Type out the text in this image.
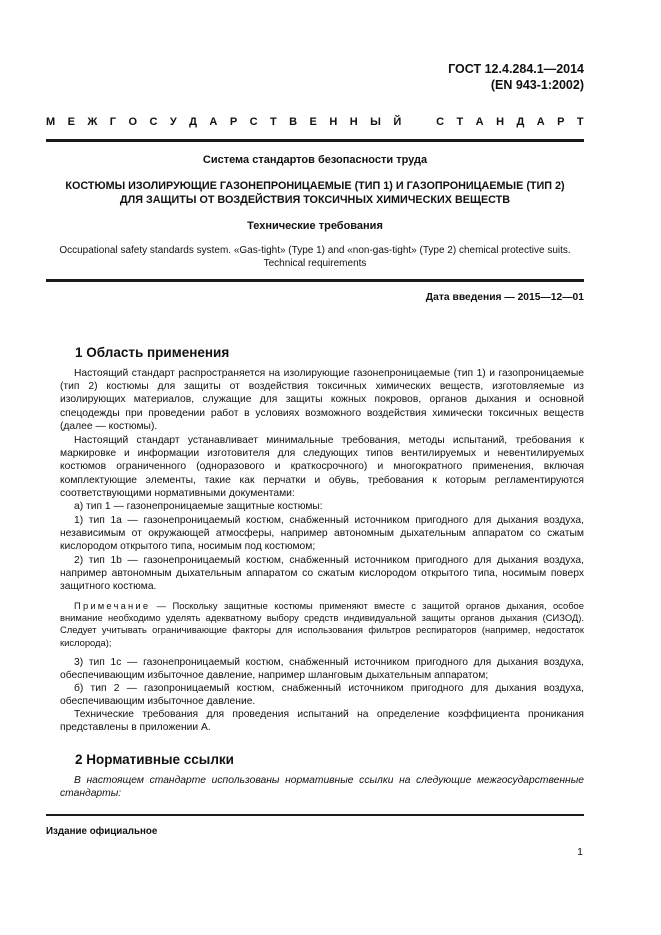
ГОСТ 12.4.284.1—2014
(EN 943-1:2002)
М Е Ж Г О С У Д А Р С Т В Е Н Н Ы Й	С Т А Н Д А Р Т
Система стандартов безопасности труда
КОСТЮМЫ ИЗОЛИРУЮЩИЕ ГАЗОНЕПРОНИЦАЕМЫЕ (ТИП 1) И ГАЗОПРОНИЦАЕМЫЕ (ТИП 2)
ДЛЯ ЗАЩИТЫ ОТ ВОЗДЕЙСТВИЯ ТОКСИЧНЫХ ХИМИЧЕСКИХ ВЕЩЕСТВ
Технические требования
Occupational safety standards system. «Gas-tight» (Type 1) and «non-gas-tight» (Type 2) chemical protective suits.
Technical requirements
Дата введения — 2015—12—01
1 Область применения
Настоящий стандарт распространяется на изолирующие газонепроницаемые (тип 1) и газопроницаемые (тип 2) костюмы для защиты от воздействия токсичных химических веществ, изготовляемые из изолирующих материалов, служащие для защиты кожных покровов, органов дыхания и основной спецодежды при проведении работ в условиях возможного воздействия химически токсичных веществ (далее — костюмы).
Настоящий стандарт устанавливает минимальные требования, методы испытаний, требования к маркировке и информации изготовителя для следующих типов вентилируемых и невентилируемых костюмов ограниченного (одноразового и краткосрочного) и многократного применения, включая комплектующие элементы, такие как перчатки и обувь, требования к которым регламентируются соответствующими нормативными документами:
а) тип 1 — газонепроницаемые защитные костюмы:
1) тип 1а — газонепроницаемый костюм, снабженный источником пригодного для дыхания воздуха, независимым от окружающей атмосферы, например автономным дыхательным аппаратом со сжатым кислородом открытого типа, носимым под костюмом;
2) тип 1b — газонепроницаемый костюм, снабженный источником пригодного для дыхания воздуха, например автономным дыхательным аппаратом со сжатым кислородом открытого типа, носимым поверх защитного костюма.
Примечание — Поскольку защитные костюмы применяют вместе с защитой органов дыхания, особое внимание необходимо уделять адекватному выбору средств индивидуальной защиты органов дыхания (СИЗОД). Следует учитывать ограничивающие факторы для использования фильтров респираторов (например, недостаток кислорода);
3) тип 1с — газонепроницаемый костюм, снабженный источником пригодного для дыхания воздуха, обеспечивающим избыточное давление, например шланговым дыхательным аппаратом;
б) тип 2 — газопроницаемый костюм, снабженный источником пригодного для дыхания воздуха, обеспечивающим избыточное давление.
Технические требования для проведения испытаний на определение коэффициента проникания представлены в приложении А.
2 Нормативные ссылки
В настоящем стандарте использованы нормативные ссылки на следующие межгосударственные стандарты:
Издание официальное
1
